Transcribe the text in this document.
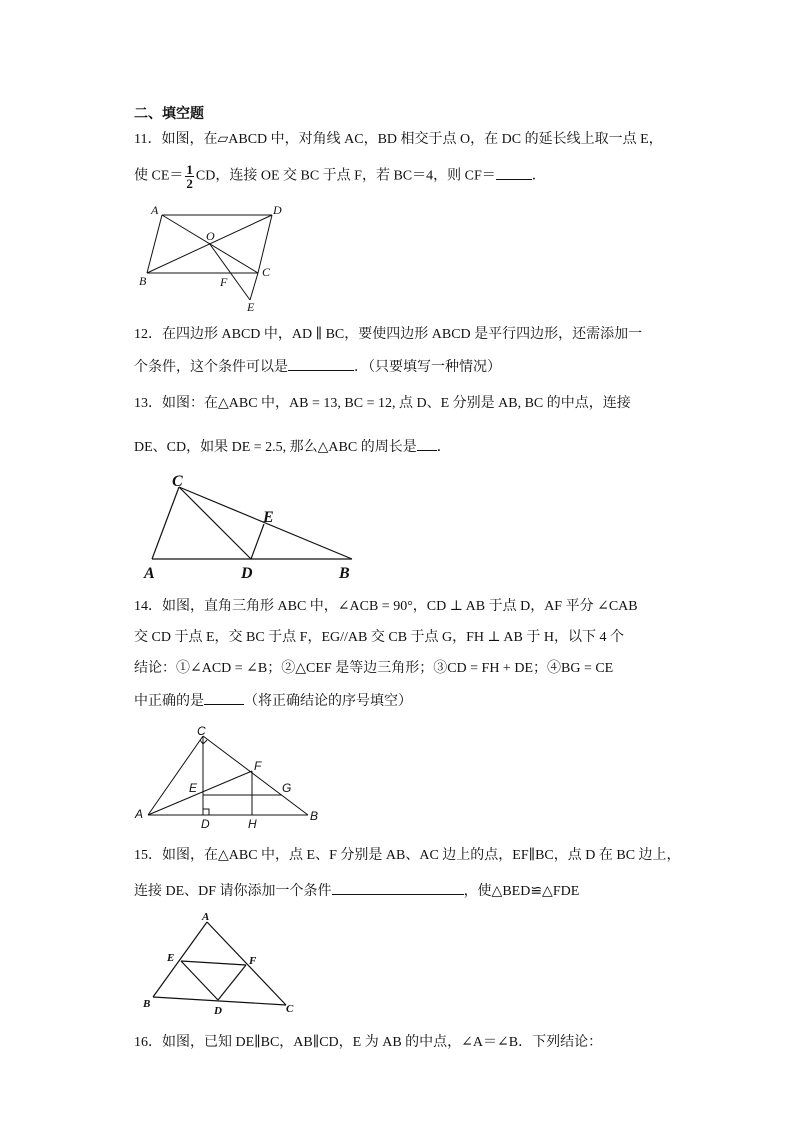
二、填空题
11．如图，在▱ABCD 中，对角线 AC，BD 相交于点 O，在 DC 的延长线上取一点 E，
使 $CE= \frac{1}{2}$ CD，连接 OE 交 BC 于点 F，若 BC＝4，则 CF＝	．
A	D
O
B
C
F
E
12．在四边形 ABCD 中，AD ∥ BC，要使四边形 ABCD 是平行四边形，还需添加一
个条件，这个条件可以是	．（只要填写一种情况）
13．如图：在△ABC 中，AB = 13, BC = 12, 点 D、E 分别是 AB, BC 的中点，连接
DE、CD，如果 DE = 2.5, 那么△ABC 的周长是 ．
C
E
A	D	B
14．如图，直角三角形 ABC 中，∠ACB = 90°，CD ⊥ AB 于点 D，AF 平分 ∠CAB
交 CD 于点 E，交 BC 于点 F，EG//AB 交 CB 于点 G，FH ⊥ AB 于 H，以下 4 个
结论：①∠ACD = ∠B；②△CEF 是等边三角形；③CD = FH + DE；④BG = CE
中正确的是	（将正确结论的序号填空）
C
F
E	G
A
D	H
B
15．如图，在△ABC 中，点 E、F 分别是 AB、AC 边上的点，EF∥BC，点 D 在 BC 边上，
连接 DE、DF 请你添加一个条件	，使△BED≌△FDE
A
E	F
B
D	C
16．如图，已知 DE∥BC，AB∥CD，E 为 AB 的中点，∠A＝∠B．下列结论：
